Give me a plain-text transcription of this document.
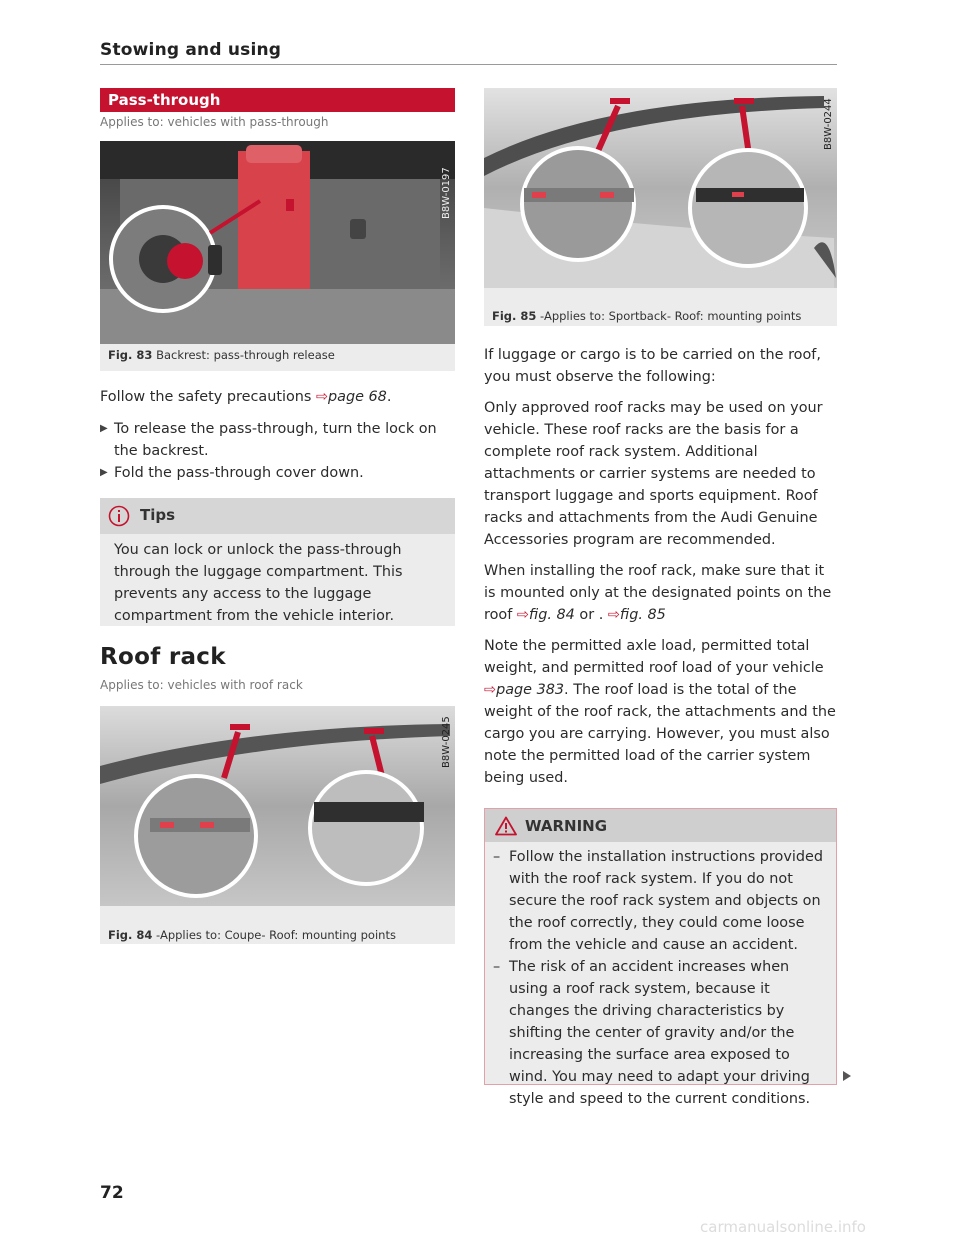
Stowing and using
Pass-through
Applies to: vehicles with pass-through
Fig. 83 Backrest: pass-through release
B8W-0197
Follow the safety precautions ⇨page 68.
▶ To release the pass-through, turn the lock on the backrest.
▶ Fold the pass-through cover down.
Tips
You can lock or unlock the pass-through through the luggage compartment. This prevents any access to the luggage compartment from the vehicle interior.
Roof rack
Applies to: vehicles with roof rack
Fig. 84 -Applies to: Coupe- Roof: mounting points
B8W-0245
Fig. 85 -Applies to: Sportback- Roof: mounting points
B8W-0244

If luggage or cargo is to be carried on the roof, you must observe the following:

Only approved roof racks may be used on your vehicle. These roof racks are the basis for a complete roof rack system. Additional attachments or carrier systems are needed to transport luggage and sports equipment. Roof racks and attachments from the Audi Genuine Accessories program are recommended.

When installing the roof rack, make sure that it is mounted only at the designated points on the roof ⇨fig. 84 or . ⇨fig. 85

Note the permitted axle load, permitted total weight, and permitted roof load of your vehicle ⇨page 383. The roof load is the total of the weight of the roof rack, the attachments and the cargo you are carrying. However, you must also note the permitted load of the carrier system being used.

WARNING
– Follow the installation instructions provided with the roof rack system. If you do not secure the roof rack system and objects on the roof correctly, they could come loose from the vehicle and cause an accident.
– The risk of an accident increases when using a roof rack system, because it changes the driving characteristics by shifting the center of gravity and/or the increasing the surface area exposed to wind. You may need to adapt your driving style and speed to the current conditions.
72
carmanualsonline.info
